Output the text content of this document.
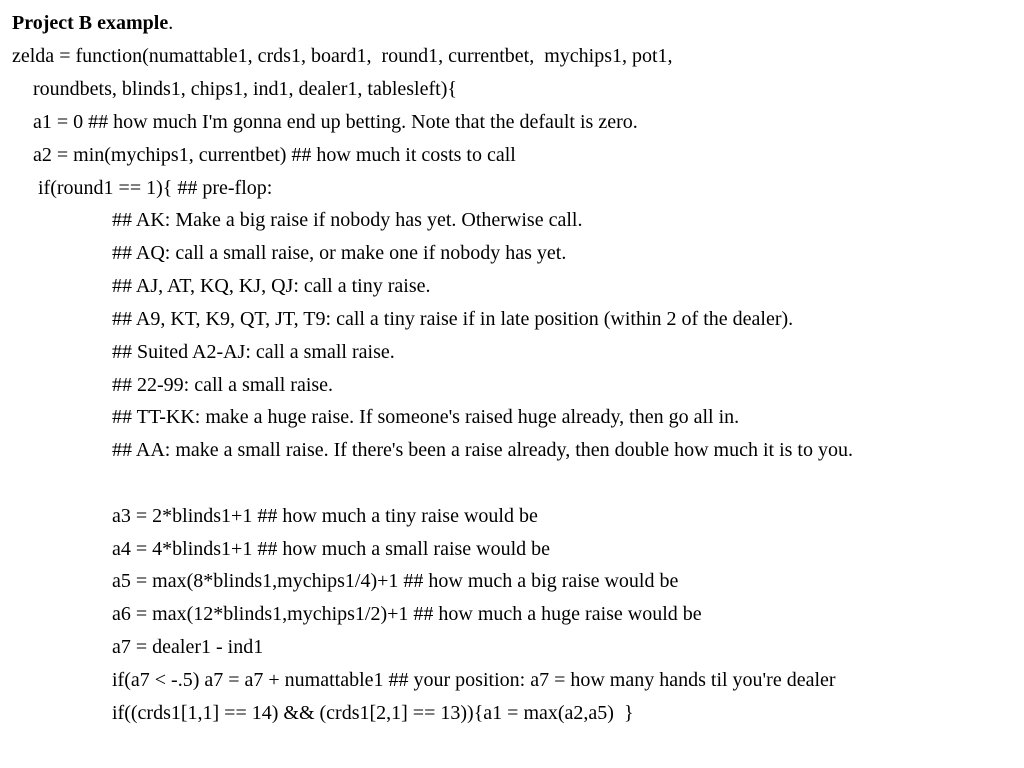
Project B example.
zelda = function(numattable1, crds1, board1,  round1, currentbet,  mychips1, pot1,
roundbets, blinds1, chips1, ind1, dealer1, tablesleft){
a1 = 0 ## how much I'm gonna end up betting. Note that the default is zero.
a2 = min(mychips1, currentbet) ## how much it costs to call
if(round1 == 1){ ## pre-flop:
## AK: Make a big raise if nobody has yet. Otherwise call.
## AQ: call a small raise, or make one if nobody has yet.
## AJ, AT, KQ, KJ, QJ: call a tiny raise.
## A9, KT, K9, QT, JT, T9: call a tiny raise if in late position (within 2 of the dealer).
## Suited A2-AJ: call a small raise.
## 22-99: call a small raise.
## TT-KK: make a huge raise. If someone's raised huge already, then go all in.
## AA: make a small raise. If there's been a raise already, then double how much it is to you.
a3 = 2*blinds1+1 ## how much a tiny raise would be
a4 = 4*blinds1+1 ## how much a small raise would be
a5 = max(8*blinds1,mychips1/4)+1 ## how much a big raise would be
a6 = max(12*blinds1,mychips1/2)+1 ## how much a huge raise would be
a7 = dealer1 - ind1
if(a7 < -.5) a7 = a7 + numattable1 ## your position: a7 = how many hands til you're dealer
if((crds1[1,1] == 14) && (crds1[2,1] == 13)){a1 = max(a2,a5)  }
